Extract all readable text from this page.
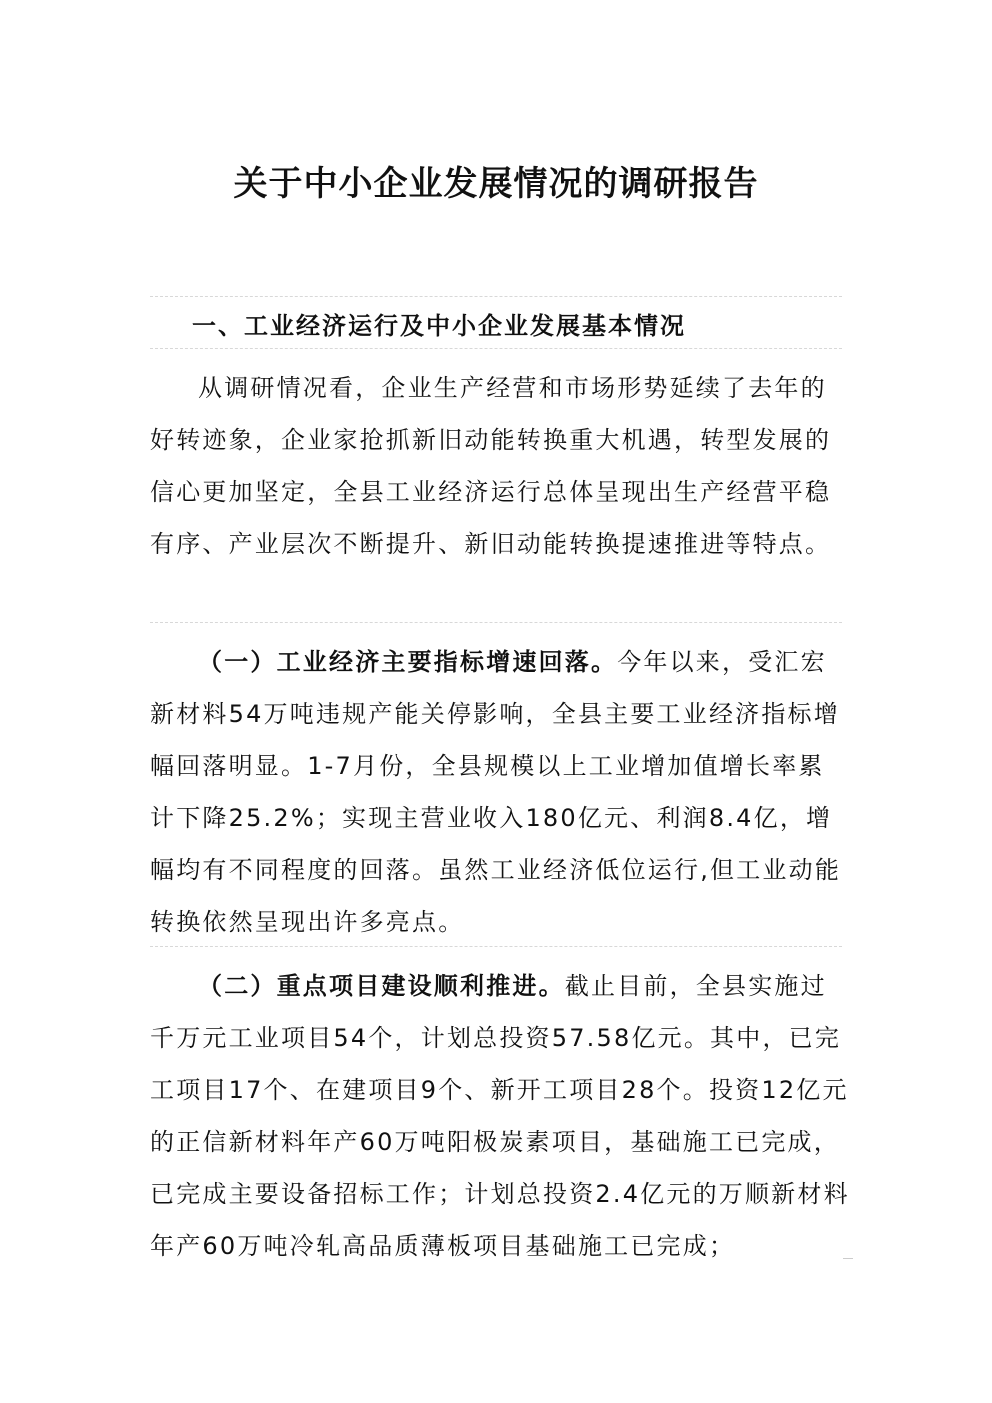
关于中小企业发展情况的调研报告
一、工业经济运行及中小企业发展基本情况

从调研情况看，企业生产经营和市场形势延续了去年的好转迹象，企业家抢抓新旧动能转换重大机遇，转型发展的信心更加坚定，全县工业经济运行总体呈现出生产经营平稳有序、产业层次不断提升、新旧动能转换提速推进等特点。

（一）工业经济主要指标增速回落。今年以来，受汇宏新材料54万吨违规产能关停影响，全县主要工业经济指标增幅回落明显。1-7月份，全县规模以上工业增加值增长率累计下降25.2%；实现主营业收入180亿元、利润8.4亿，增幅均有不同程度的回落。虽然工业经济低位运行,但工业动能转换依然呈现出许多亮点。

（二）重点项目建设顺利推进。截止目前，全县实施过千万元工业项目54个，计划总投资57.58亿元。其中，已完工项目17个、在建项目9个、新开工项目28个。投资12亿元的正信新材料年产60万吨阳极炭素项目，基础施工已完成，已完成主要设备招标工作；计划总投资2.4亿元的万顺新材料年产60万吨冷轧高品质薄板项目基础施工已完成；
